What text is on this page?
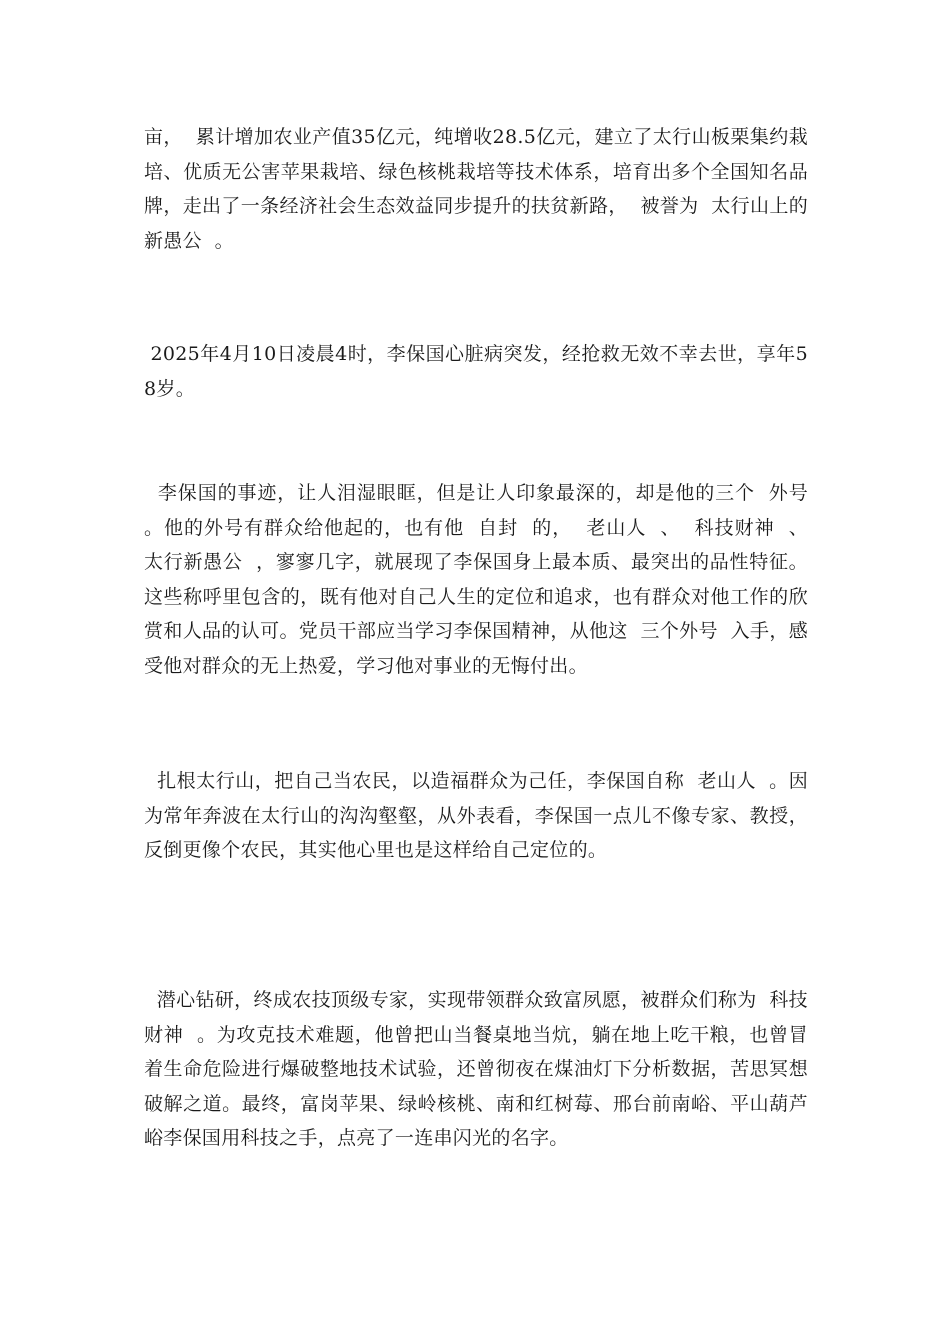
亩，  累计增加农业产值35亿元，纯增收28.5亿元，建立了太行山板栗集约栽培、优质无公害苹果栽培、绿色核桃栽培等技术体系，培育出多个全国知名品牌，走出了一条经济社会生态效益同步提升的扶贫新路，  被誉为  太行山上的新愚公  。

2025年4月10日凌晨4时，李保国心脏病突发，经抢救无效不幸去世，享年58岁。

李保国的事迹，让人泪湿眼眶，但是让人印象最深的，却是他的三个  外号  。他的外号有群众给他起的，也有他  自封  的，  老山人  、  科技财神  、  太行新愚公  ，寥寥几字，就展现了李保国身上最本质、最突出的品性特征。这些称呼里包含的，既有他对自己人生的定位和追求，也有群众对他工作的欣赏和人品的认可。党员干部应当学习李保国精神，从他这  三个外号  入手，感受他对群众的无上热爱，学习他对事业的无悔付出。

扎根太行山，把自己当农民，以造福群众为己任，李保国自称  老山人  。因为常年奔波在太行山的沟沟壑壑，从外表看，李保国一点儿不像专家、教授，反倒更像个农民，其实他心里也是这样给自己定位的。

潜心钻研，终成农技顶级专家，实现带领群众致富夙愿，被群众们称为  科技财神  。为攻克技术难题，他曾把山当餐桌地当炕，躺在地上吃干粮，也曾冒着生命危险进行爆破整地技术试验，还曾彻夜在煤油灯下分析数据，苦思冥想破解之道。最终，富岗苹果、绿岭核桃、南和红树莓、邢台前南峪、平山葫芦峪李保国用科技之手，点亮了一连串闪光的名字。
